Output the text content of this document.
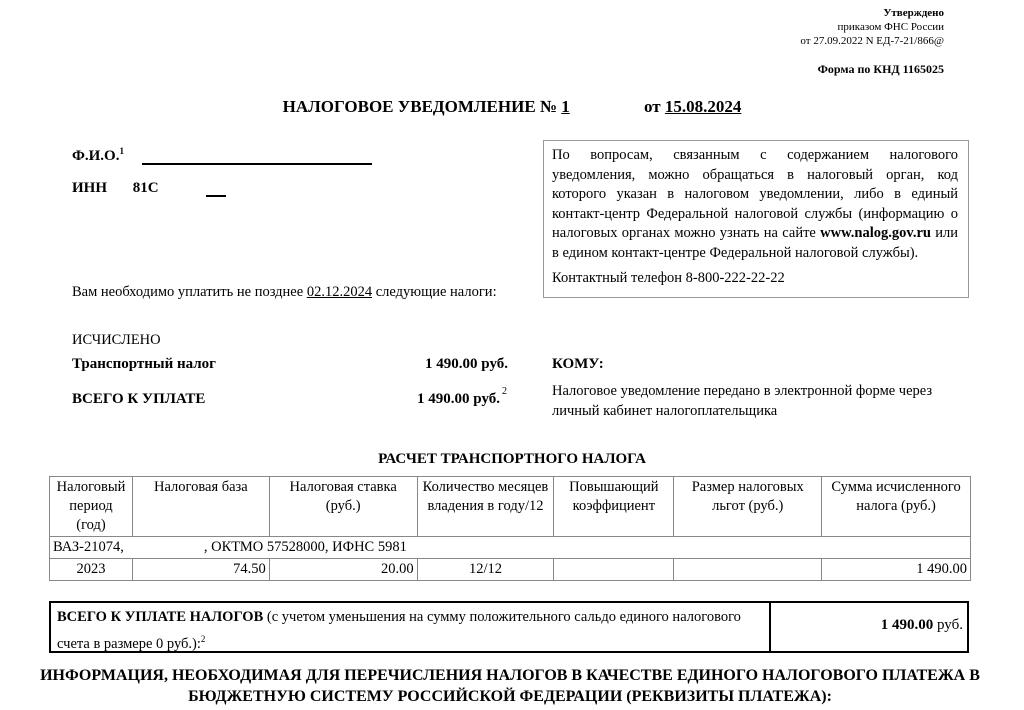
Утверждено
приказом ФНС России
от 27.09.2022 N ЕД-7-21/866@
Форма по КНД 1165025
НАЛОГОВОЕ УВЕДОМЛЕНИЕ № 1	от 15.08.2024
Ф.И.О.$^1$
ИНН 81С
По вопросам, связанным с содержанием налогового уведомления, можно обращаться в налоговый орган, код которого указан в налоговом уведомлении, либо в единый контакт-центр Федеральной налоговой службы (информацию о налоговых органах можно узнать на сайте www.nalog.gov.ru или в едином контакт-центре Федеральной налоговой службы).
Контактный телефон 8-800-222-22-22
Вам необходимо уплатить не позднее 02.12.2024 следующие налоги:
ИСЧИСЛЕНО
Транспортный налог	1 490.00 руб.
ВСЕГО К УПЛАТЕ	1 490.00 руб. 2
КОМУ:
Налоговое уведомление передано в электронной форме через личный кабинет налогоплательщика
РАСЧЕТ ТРАНСПОРТНОГО НАЛОГА
Налоговый период (год)	Налоговая база	Налоговая ставка (руб.)	Количество месяцев владения в году/12	Повышающий коэффициент	Размер налоговых льгот (руб.)	Сумма исчисленного налога (руб.)
ВАЗ-21074, , ОКТМО 57528000, ИФНС 5981						
2023	74.50	20.00	12/12			1 490.00
ВСЕГО К УПЛАТЕ НАЛОГОВ (с учетом уменьшения на сумму положительного сальдо единого налогового счета в размере 0 руб.):$^2$
1 490.00 руб.
ИНФОРМАЦИЯ, НЕОБХОДИМАЯ ДЛЯ ПЕРЕЧИСЛЕНИЯ НАЛОГОВ В КАЧЕСТВЕ ЕДИНОГО НАЛОГОВОГО ПЛАТЕЖА В БЮДЖЕТНУЮ СИСТЕМУ РОССИЙСКОЙ ФЕДЕРАЦИИ (РЕКВИЗИТЫ ПЛАТЕЖА):
